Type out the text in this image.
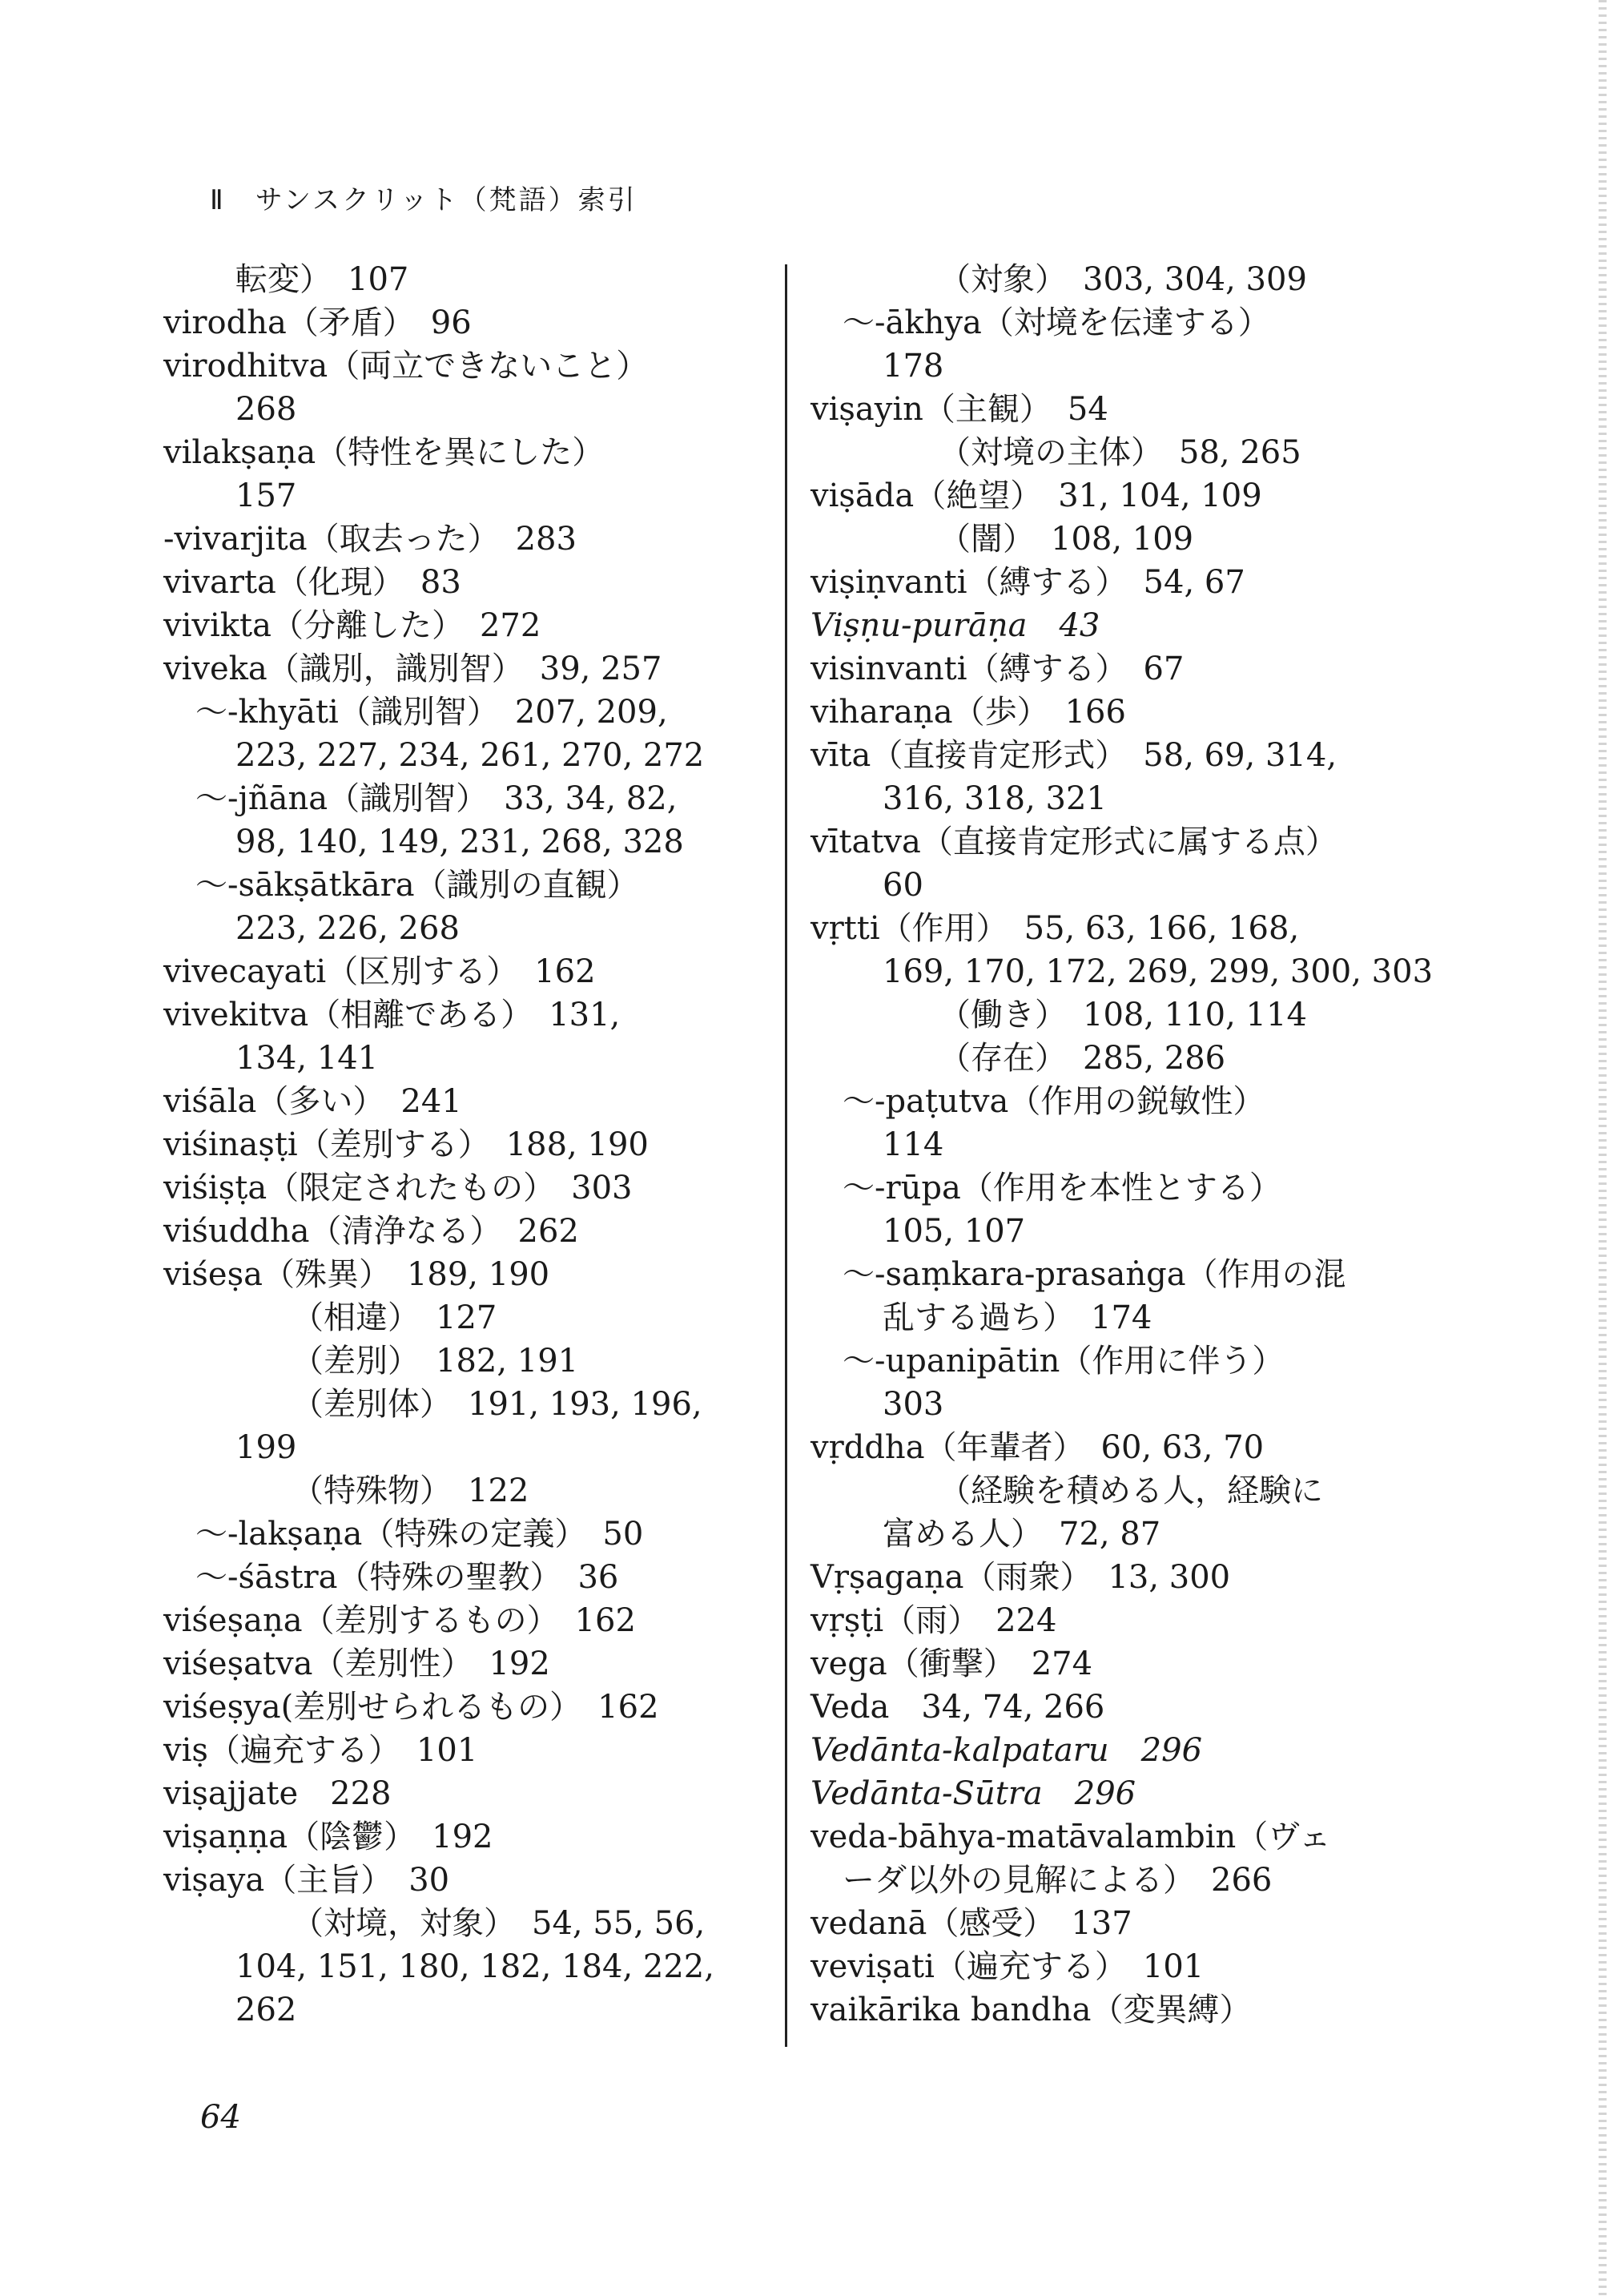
Ⅱ　サンスクリット（梵語）索引
転変）　107
virodha（矛盾）　96
virodhitva（両立できないこと）
268
vilakṣaṇa（特性を異にした）
157
-vivarjita（取去った）　283
vivarta（化現）　83
vivikta（分離した）　272
viveka（識別，識別智）　39, 257
〜-khyāti（識別智）　207, 209,
223, 227, 234, 261, 270, 272
〜-jñāna（識別智）　33, 34, 82,
98, 140, 149, 231, 268, 328
〜-sākṣātkāra（識別の直観）
223, 226, 268
vivecayati（区別する）　162
vivekitva（相離である）　131,
134, 141
viśāla（多い）　241
viśinaṣṭi（差別する）　188, 190
viśiṣṭa（限定されたもの）　303
viśuddha（清浄なる）　262
viśeṣa（殊異）　189, 190
（相違）　127
（差別）　182, 191
（差別体）　191, 193, 196,
199
（特殊物）　122
〜-lakṣaṇa（特殊の定義）　50
〜-śāstra（特殊の聖教）　36
viśeṣaṇa（差別するもの）　162
viśeṣatva（差別性）　192
viśeṣya(差別せられるもの）　162
viṣ（遍充する）　101
viṣajjate　228
viṣaṇṇa（陰鬱）　192
viṣaya（主旨）　30
（対境，対象）　54, 55, 56,
104, 151, 180, 182, 184, 222,
262
（対象）　303, 304, 309
〜-ākhya（対境を伝達する）
178
viṣayin（主観）　54
（対境の主体）　58, 265
viṣāda（絶望）　31, 104, 109
（闇）　108, 109
viṣiṇvanti（縛する）　54, 67
Viṣṇu-purāṇa　43
visinvanti（縛する）　67
viharaṇa（歩）　166
vīta（直接肯定形式）　58, 69, 314,
316, 318, 321
vītatva（直接肯定形式に属する点）
60
vṛtti（作用）　55, 63, 166, 168,
169, 170, 172, 269, 299, 300, 303
（働き）　108, 110, 114
（存在）　285, 286
〜-paṭutva（作用の鋭敏性）
114
〜-rūpa（作用を本性とする）
105, 107
〜-saṃkara-prasaṅga（作用の混
乱する過ち）　174
〜-upanipātin（作用に伴う）
303
vṛddha（年輩者）　60, 63, 70
（経験を積める人，経験に
富める人）　72, 87
Vṛṣagaṇa（雨衆）　13, 300
vṛṣṭi（雨）　224
vega（衝撃）　274
Veda　34, 74, 266
Vedānta-kalpataru　296
Vedānta-Sūtra　296
veda-bāhya-matāvalambin（ヴェ
ーダ以外の見解による）　266
vedanā（感受）　137
veviṣati（遍充する）　101
vaikārika bandha（変異縛）
64
